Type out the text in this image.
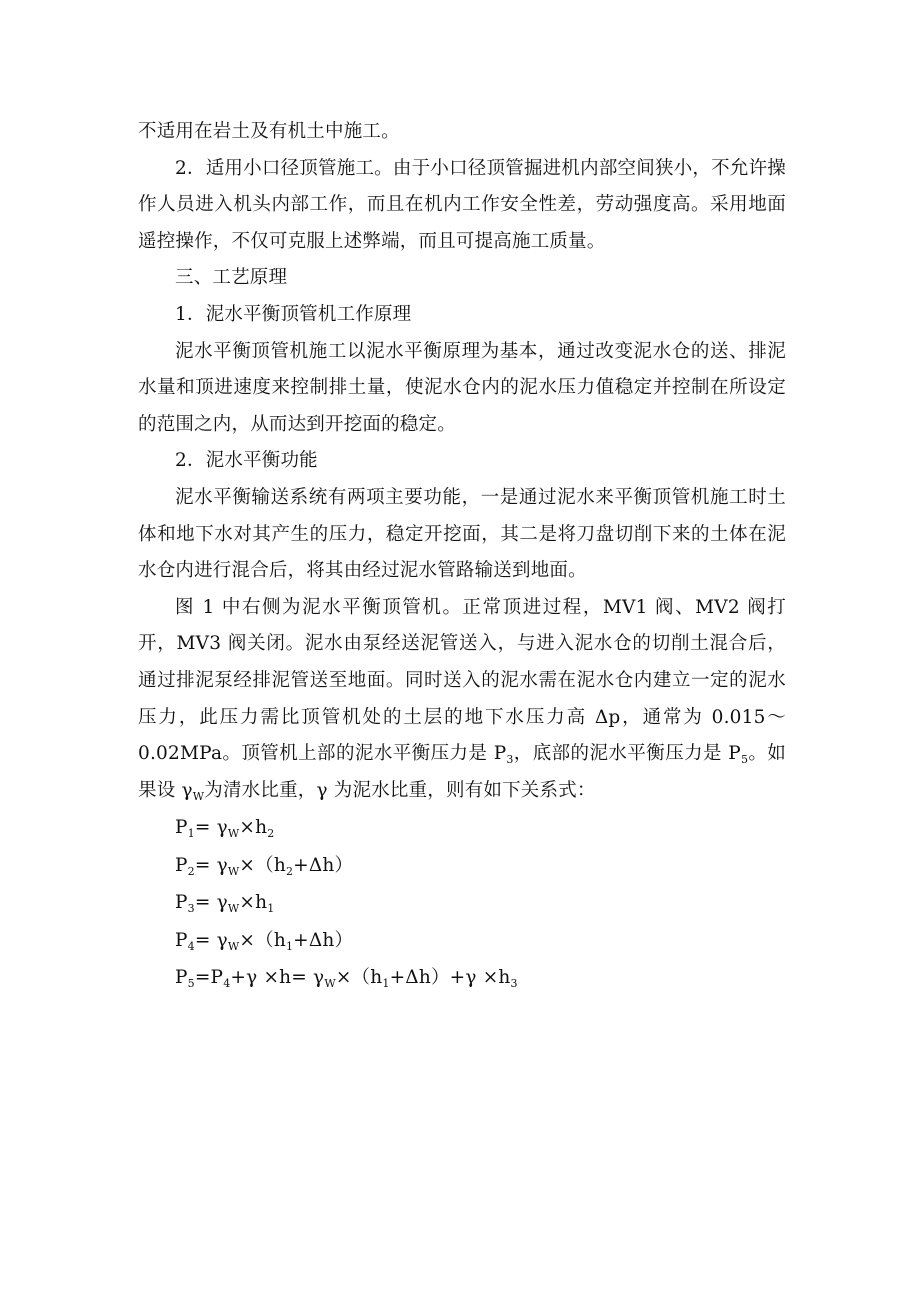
不适用在岩土及有机土中施工。

2．适用小口径顶管施工。由于小口径顶管掘进机内部空间狭小，不允许操作人员进入机头内部工作，而且在机内工作安全性差，劳动强度高。采用地面遥控操作，不仅可克服上述弊端，而且可提高施工质量。

三、工艺原理

1．泥水平衡顶管机工作原理

泥水平衡顶管机施工以泥水平衡原理为基本，通过改变泥水仓的送、排泥水量和顶进速度来控制排土量，使泥水仓内的泥水压力值稳定并控制在所设定的范围之内，从而达到开挖面的稳定。

2．泥水平衡功能

泥水平衡输送系统有两项主要功能，一是通过泥水来平衡顶管机施工时土体和地下水对其产生的压力，稳定开挖面，其二是将刀盘切削下来的土体在泥水仓内进行混合后，将其由经过泥水管路输送到地面。

图 1 中右侧为泥水平衡顶管机。正常顶进过程，MV1 阀、MV2 阀打开，MV3 阀关闭。泥水由泵经送泥管送入，与进入泥水仓的切削土混合后，通过排泥泵经排泥管送至地面。同时送入的泥水需在泥水仓内建立一定的泥水压力，此压力需比顶管机处的土层的地下水压力高 Δp，通常为 0.015～0.02MPa。顶管机上部的泥水平衡压力是 $P_3$，底部的泥水平衡压力是 $P_5$。如果设 $\gamma_W$为清水比重，γ 为泥水比重，则有如下关系式：

$P_1= \gamma_W\times h_2$

$P_2= \gamma_W\times(h_2+\Delta h)$

$P_3= \gamma_W\times h_1$

$P_4= \gamma_W\times(h_1+\Delta h)$

$P_5=P_4+\gamma \times h= \gamma_W\times(h_1+\Delta h)+\gamma \times h_3$
